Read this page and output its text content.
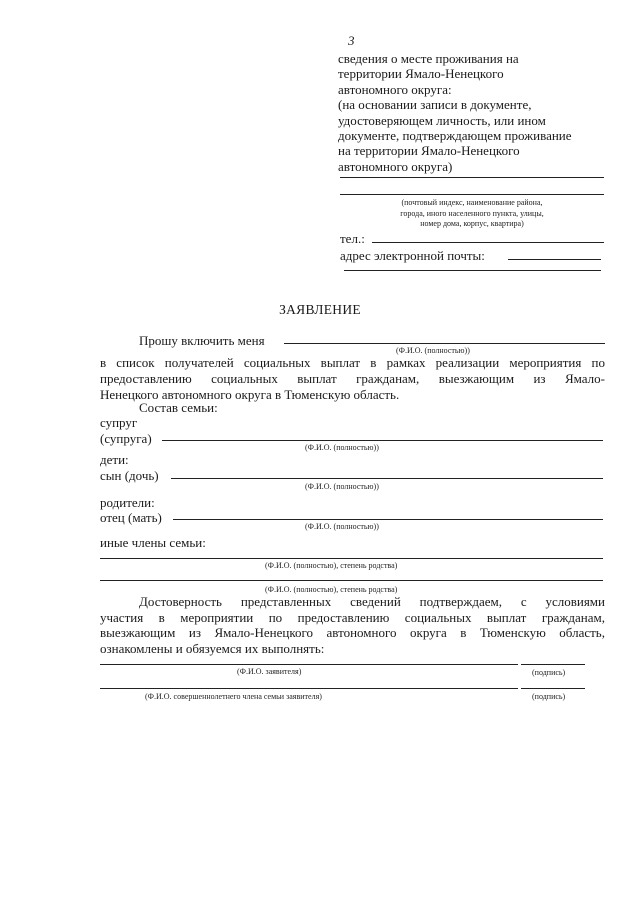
3
сведения о месте проживания на
территории Ямало-Ненецкого
автономного округа:
(на основании записи в документе,
удостоверяющем личность, или ином
документе, подтверждающем проживание
на территории Ямало-Ненецкого
автономного округа)
(почтовый индекс, наименование района,
города, иного населенного пункта, улицы,
номер дома, корпус, квартира)
тел.:
адрес электронной почты:
ЗАЯВЛЕНИЕ
Прошу включить меня
(Ф.И.О. (полностью))
в список получателей социальных выплат в рамках реализации мероприятия по
предоставлению социальных выплат гражданам, выезжающим из Ямало-
Ненецкого автономного округа в Тюменскую область.
Состав семьи:
супруг
(супруга)
(Ф.И.О. (полностью))
дети:
сын (дочь)
(Ф.И.О. (полностью))
родители:
отец (мать)
(Ф.И.О. (полностью))
иные члены семьи:
(Ф.И.О. (полностью), степень родства)
(Ф.И.О. (полностью), степень родства)
Достоверность представленных сведений подтверждаем, с условиями
участия в мероприятии по предоставлению социальных выплат гражданам,
выезжающим из Ямало-Ненецкого автономного округа в Тюменскую область,
ознакомлены и обязуемся их выполнять:
(Ф.И.О. заявителя)	(подпись)
(Ф.И.О. совершеннолетнего члена семьи заявителя)	(подпись)
